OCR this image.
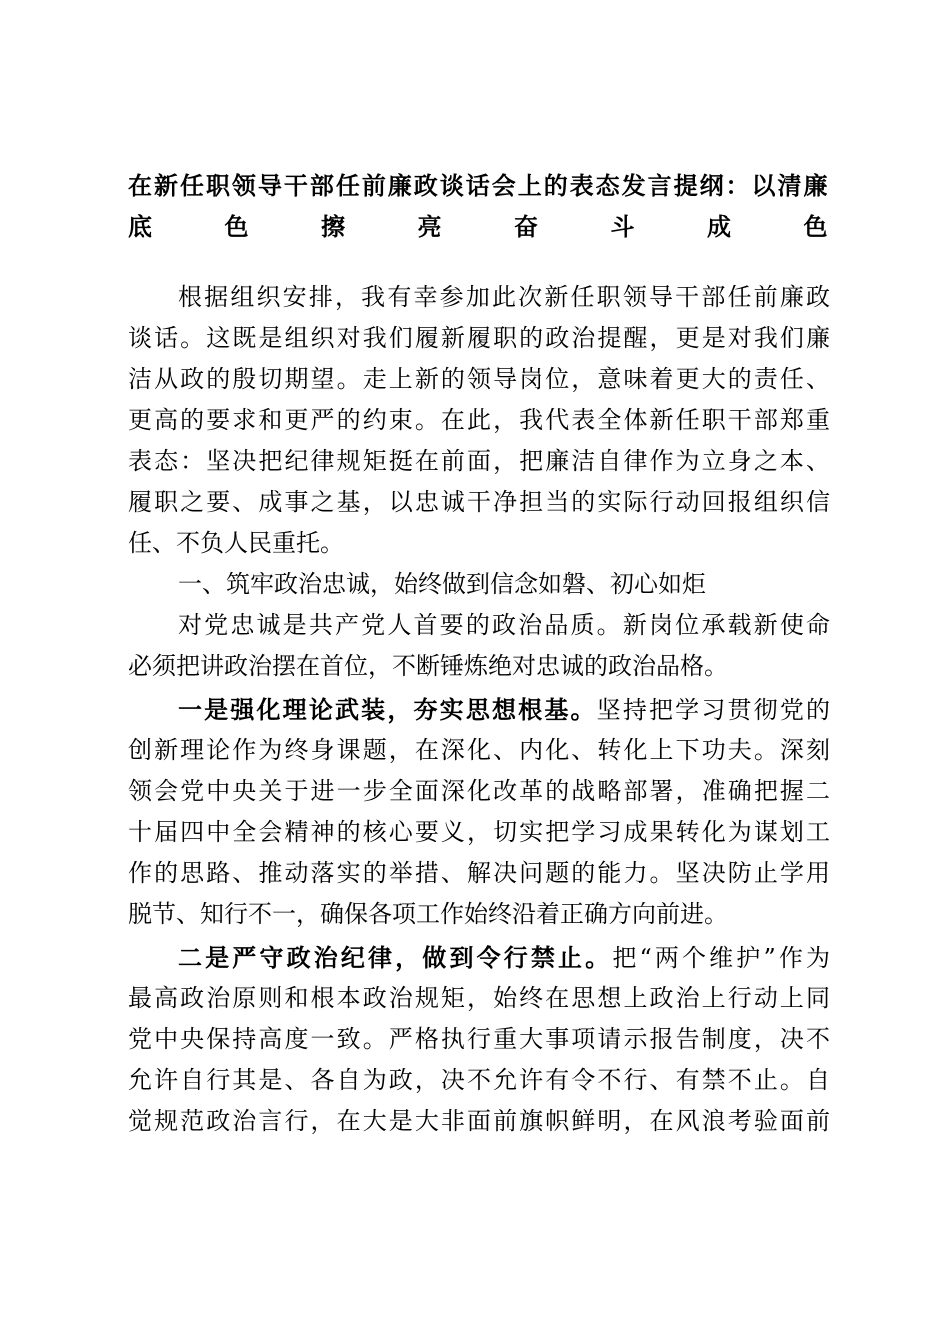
在新任职领导干部任前廉政谈话会上的表态发言提纲：以清廉
底色擦亮奋斗成色
根据组织安排，我有幸参加此次新任职领导干部任前廉政
谈话。这既是组织对我们履新履职的政治提醒，更是对我们廉
洁从政的殷切期望。走上新的领导岗位，意味着更大的责任、
更高的要求和更严的约束。在此，我代表全体新任职干部郑重
表态：坚决把纪律规矩挺在前面，把廉洁自律作为立身之本、
履职之要、成事之基，以忠诚干净担当的实际行动回报组织信
任、不负人民重托。
一、筑牢政治忠诚，始终做到信念如磐、初心如炬
对党忠诚是共产党人首要的政治品质。新岗位承载新使命
必须把讲政治摆在首位，不断锤炼绝对忠诚的政治品格。
一是强化理论武装，夯实思想根基。坚持把学习贯彻党的
创新理论作为终身课题，在深化、内化、转化上下功夫。深刻
领会党中央关于进一步全面深化改革的战略部署，准确把握二
十届四中全会精神的核心要义，切实把学习成果转化为谋划工
作的思路、推动落实的举措、解决问题的能力。坚决防止学用
脱节、知行不一，确保各项工作始终沿着正确方向前进。
二是严守政治纪律，做到令行禁止。把“两个维护”作为
最高政治原则和根本政治规矩，始终在思想上政治上行动上同
党中央保持高度一致。严格执行重大事项请示报告制度，决不
允许自行其是、各自为政，决不允许有令不行、有禁不止。自
觉规范政治言行，在大是大非面前旗帜鲜明，在风浪考验面前
